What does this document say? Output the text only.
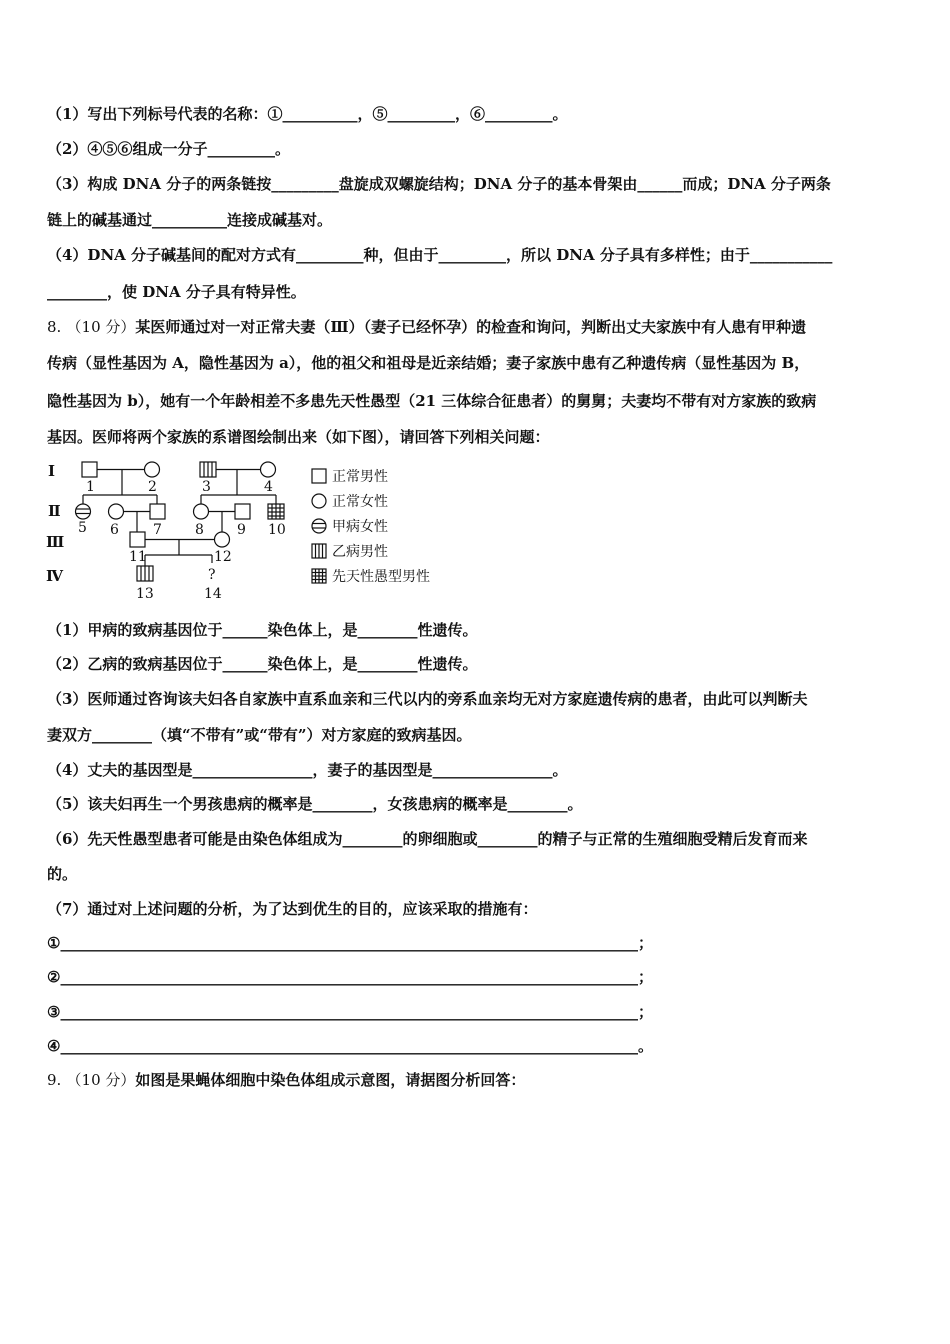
（1）写出下列标号代表的名称：①__________，⑤_________，⑥_________。
（2）④⑤⑥组成一分子_________。
（3）构成 DNA 分子的两条链按_________盘旋成双螺旋结构；DNA 分子的基本骨架由______而成；DNA 分子两条
链上的碱基通过__________连接成碱基对。
（4）DNA 分子碱基间的配对方式有_________种，但由于_________，所以 DNA 分子具有多样性；由于___________
________，使 DNA 分子具有特异性。
8. （10 分）某医师通过对一对正常夫妻（Ⅲ）（妻子已经怀孕）的检查和询问，判断出丈夫家族中有人患有甲种遗
传病（显性基因为 A，隐性基因为 a），他的祖父和祖母是近亲结婚；妻子家族中患有乙种遗传病（显性基因为 B，
隐性基因为 b），她有一个年龄相差不多患先天性愚型（21 三体综合征患者）的舅舅；夫妻均不带有对方家族的致病
基因。医师将两个家族的系谱图绘制出来（如下图），请回答下列相关问题：
Ⅰ
Ⅱ
Ⅲ
Ⅳ
1	2	3	4
5 6 7 8 9 10
11	12
?
13	14
正常男性
正常女性
甲病女性
乙病男性
先天性愚型男性
（1）甲病的致病基因位于______染色体上，是________性遗传。
（2）乙病的致病基因位于______染色体上，是________性遗传。
（3）医师通过咨询该夫妇各自家族中直系血亲和三代以内的旁系血亲均无对方家庭遗传病的患者，由此可以判断夫
妻双方________（填“不带有”或“带有”）对方家庭的致病基因。
（4）丈夫的基因型是________________，妻子的基因型是________________。
（5）该夫妇再生一个男孩患病的概率是________，女孩患病的概率是________。
（6）先天性愚型患者可能是由染色体组成为________的卵细胞或________的精子与正常的生殖细胞受精后发育而来
的。
（7）通过对上述问题的分析，为了达到优生的目的，应该采取的措施有：
①_____________________________________________________________________________；
②_____________________________________________________________________________；
③_____________________________________________________________________________；
④_____________________________________________________________________________。
9. （10 分）如图是果蝇体细胞中染色体组成示意图，请据图分析回答：
